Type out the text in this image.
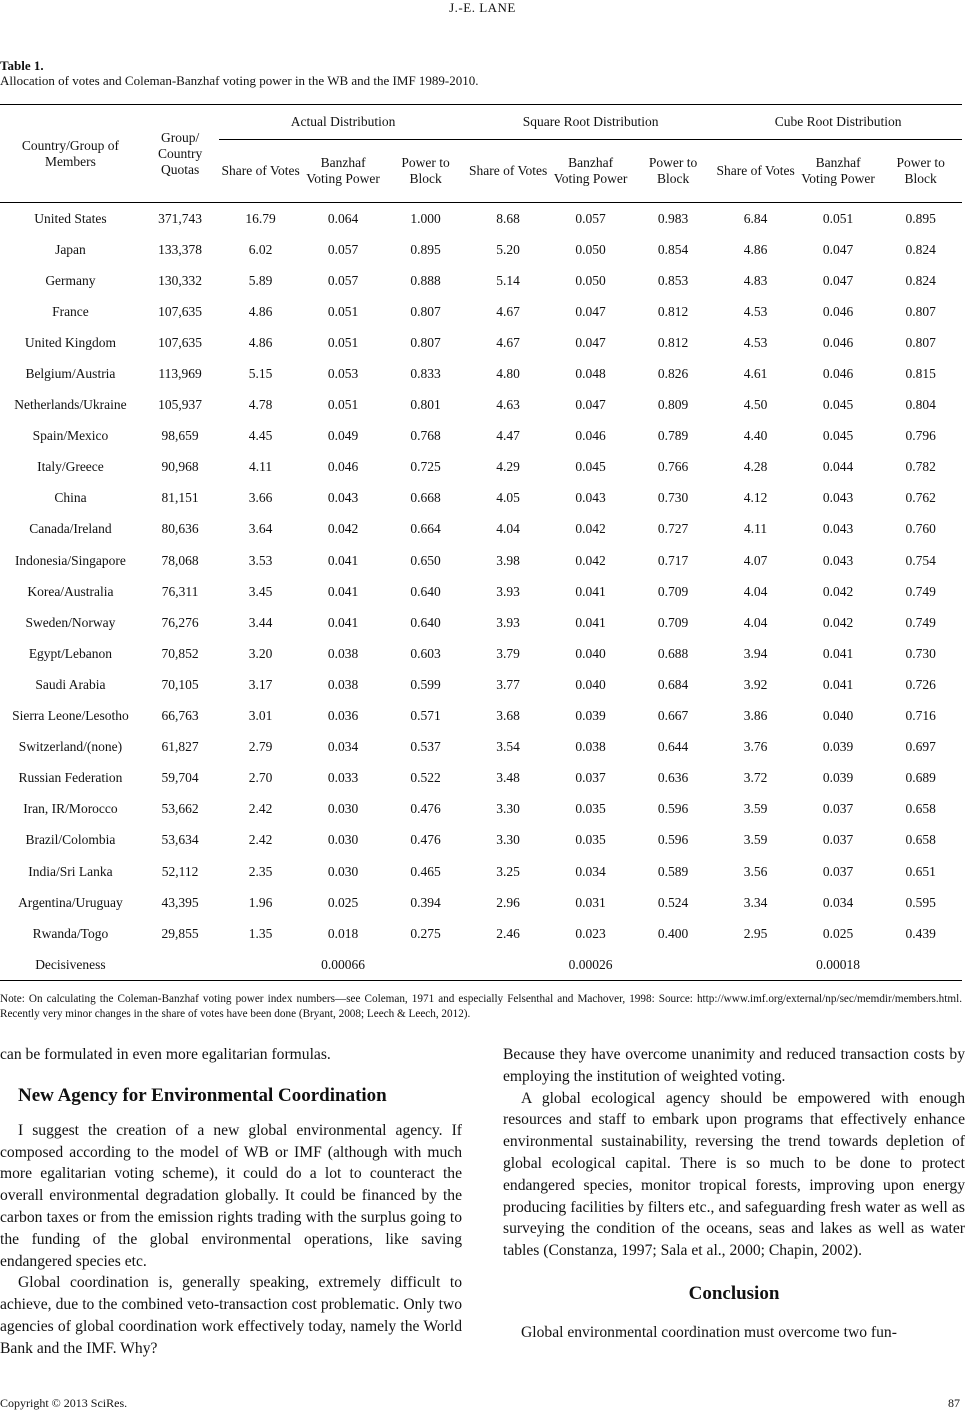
J.-E. LANE
Table 1.
Allocation of votes and Coleman-Banzhaf voting power in the WB and the IMF 1989-2010.
Country/Group of Members	Group/ Country Quotas	Actual Distribution			Square Root Distribution			Cube Root Distribution		
		Share of Votes	Banzhaf Voting Power	Power to Block	Share of Votes	Banzhaf Voting Power	Power to Block	Share of Votes	Banzhaf Voting Power	Power to Block
United States	371,743	16.79	0.064	1.000	8.68	0.057	0.983	6.84	0.051	0.895
Japan	133,378	6.02	0.057	0.895	5.20	0.050	0.854	4.86	0.047	0.824
Germany	130,332	5.89	0.057	0.888	5.14	0.050	0.853	4.83	0.047	0.824
France	107,635	4.86	0.051	0.807	4.67	0.047	0.812	4.53	0.046	0.807
United Kingdom	107,635	4.86	0.051	0.807	4.67	0.047	0.812	4.53	0.046	0.807
Belgium/Austria	113,969	5.15	0.053	0.833	4.80	0.048	0.826	4.61	0.046	0.815
Netherlands/Ukraine	105,937	4.78	0.051	0.801	4.63	0.047	0.809	4.50	0.045	0.804
Spain/Mexico	98,659	4.45	0.049	0.768	4.47	0.046	0.789	4.40	0.045	0.796
Italy/Greece	90,968	4.11	0.046	0.725	4.29	0.045	0.766	4.28	0.044	0.782
China	81,151	3.66	0.043	0.668	4.05	0.043	0.730	4.12	0.043	0.762
Canada/Ireland	80,636	3.64	0.042	0.664	4.04	0.042	0.727	4.11	0.043	0.760
Indonesia/Singapore	78,068	3.53	0.041	0.650	3.98	0.042	0.717	4.07	0.043	0.754
Korea/Australia	76,311	3.45	0.041	0.640	3.93	0.041	0.709	4.04	0.042	0.749
Sweden/Norway	76,276	3.44	0.041	0.640	3.93	0.041	0.709	4.04	0.042	0.749
Egypt/Lebanon	70,852	3.20	0.038	0.603	3.79	0.040	0.688	3.94	0.041	0.730
Saudi Arabia	70,105	3.17	0.038	0.599	3.77	0.040	0.684	3.92	0.041	0.726
Sierra Leone/Lesotho	66,763	3.01	0.036	0.571	3.68	0.039	0.667	3.86	0.040	0.716
Switzerland/(none)	61,827	2.79	0.034	0.537	3.54	0.038	0.644	3.76	0.039	0.697
Russian Federation	59,704	2.70	0.033	0.522	3.48	0.037	0.636	3.72	0.039	0.689
Iran, IR/Morocco	53,662	2.42	0.030	0.476	3.30	0.035	0.596	3.59	0.037	0.658
Brazil/Colombia	53,634	2.42	0.030	0.476	3.30	0.035	0.596	3.59	0.037	0.658
India/Sri Lanka	52,112	2.35	0.030	0.465	3.25	0.034	0.589	3.56	0.037	0.651
Argentina/Uruguay	43,395	1.96	0.025	0.394	2.96	0.031	0.524	3.34	0.034	0.595
Rwanda/Togo	29,855	1.35	0.018	0.275	2.46	0.023	0.400	2.95	0.025	0.439
Decisiveness			0.00066			0.00026			0.00018	
Note: On calculating the Coleman-Banzhaf voting power index numbers—see Coleman, 1971 and especially Felsenthal and Machover, 1998: Source: http://www.imf.org/external/np/sec/memdir/members.html. Recently very minor changes in the share of votes have been done (Bryant, 2008; Leech & Leech, 2012).

can be formulated in even more egalitarian formulas.

New Agency for Environmental Coordination

I suggest the creation of a new global environmental agency. If composed according to the model of WB or IMF (although with much more egalitarian voting scheme), it could do a lot to counteract the overall environmental degradation globally. It could be financed by the carbon taxes or from the emission rights trading with the surplus going to the funding of the global environmental operations, like saving endangered species etc.

Global coordination is, generally speaking, extremely difficult to achieve, due to the combined veto-transaction cost problematic. Only two agencies of global coordination work effectively today, namely the World Bank and the IMF. Why?

Because they have overcome unanimity and reduced transaction costs by employing the institution of weighted voting.

A global ecological agency should be empowered with enough resources and staff to embark upon programs that effectively enhance environmental sustainability, reversing the trend towards depletion of global ecological capital. There is so much to be done to protect endangered species, monitor tropical forests, improving upon energy producing facilities by filters etc., and safeguarding fresh water as well as surveying the condition of the oceans, seas and lakes as well as water tables (Constanza, 1997; Sala et al., 2000; Chapin, 2002).

Conclusion

Global environmental coordination must overcome two fun-

Copyright © 2013 SciRes.	87
